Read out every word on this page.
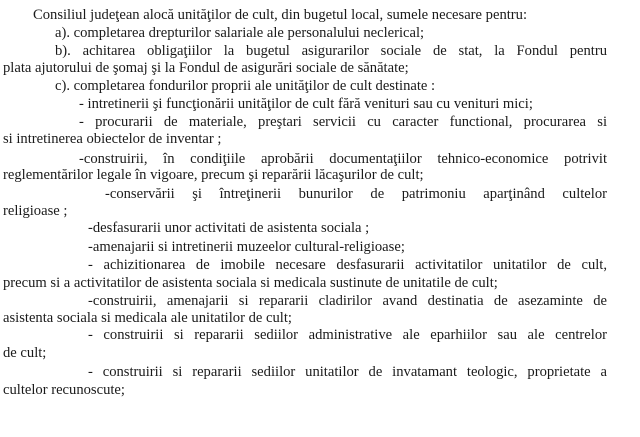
Consiliul judeţean alocă unităţilor de cult, din bugetul local, sumele necesare pentru:

a). completarea drepturilor salariale ale personalului neclerical;

b). achitarea obligaţiilor la bugetul asigurarilor sociale de stat, la Fondul pentru

plata ajutorului de şomaj şi la Fondul de asigurări sociale de sănătate;

c). completarea fondurilor proprii ale unităţilor de cult destinate :

- intretinerii şi funcţionării unităţilor de cult fără venituri sau cu venituri mici;

- procurarii de materiale, preştari servicii cu caracter functional, procurarea si

si intretinerea obiectelor de inventar ;

-construirii, în condiţiile aprobării documentaţiilor tehnico-economice potrivit

reglementărilor legale în vigoare, precum şi reparării lăcaşurilor de cult;

-conservării şi întreţinerii bunurilor de patrimoniu aparţinând cultelor

religioase ;

-desfasurarii unor activitati de asistenta sociala ;

-amenajarii si intretinerii muzeelor cultural-religioase;

- achizitionarea de imobile necesare desfasurarii activitatilor unitatilor de cult,

precum si a activitatilor de asistenta sociala si medicala sustinute de unitatile de cult;

-construirii, amenajarii si repararii cladirilor avand destinatia de asezaminte de

asistenta sociala si medicala ale unitatilor de cult;

- construirii si repararii sediilor administrative ale eparhiilor sau ale centrelor

de cult;

- construirii si repararii sediilor unitatilor de invatamant teologic, proprietate a

cultelor recunoscute;
